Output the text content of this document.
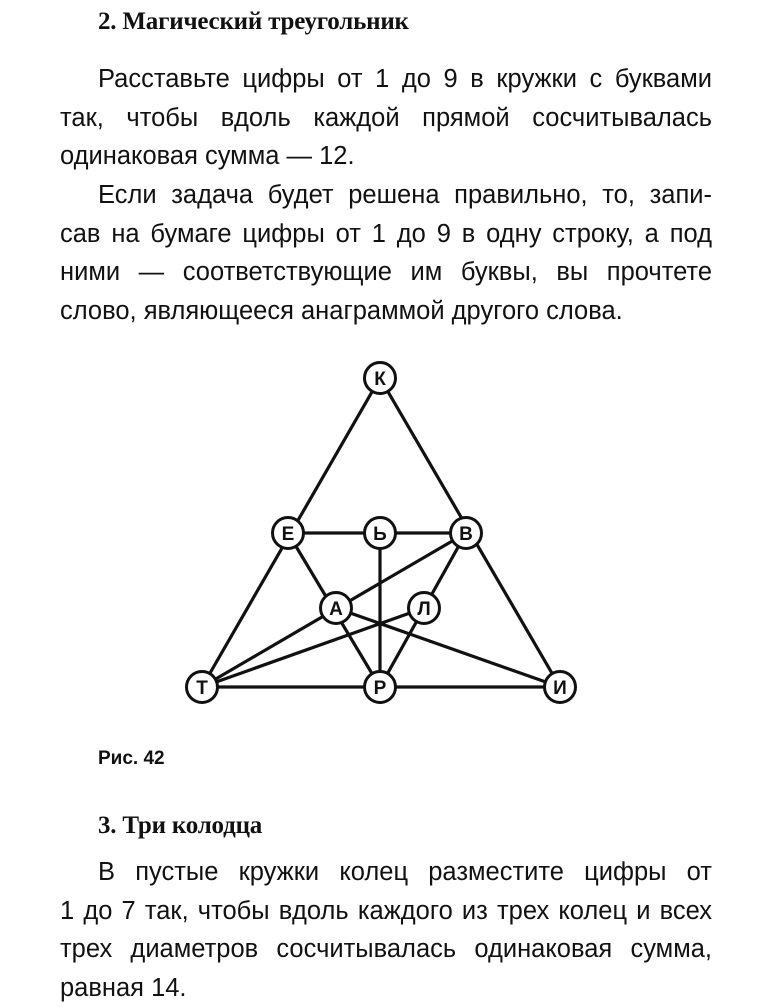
2. Магический треугольник

Расставьте цифры от 1 до 9 в кружки с буквами
так, чтобы вдоль каждой прямой сосчитывалась
одинаковая сумма — 12.

Если задача будет решена правильно, то, запи-
сав на бумаге цифры от 1 до 9 в одну строку, а под
ними — соответствующие им буквы, вы прочтете
слово, являющееся анаграммой другого слова.

К
Е	Ь	В
А	Л
Т	Р	И
Рис. 42
3. Три колодца

В пустые кружки колец разместите цифры от
1 до 7 так, чтобы вдоль каждого из трех колец и всех
трех диаметров сосчитывалась одинаковая сумма,
равная 14.
